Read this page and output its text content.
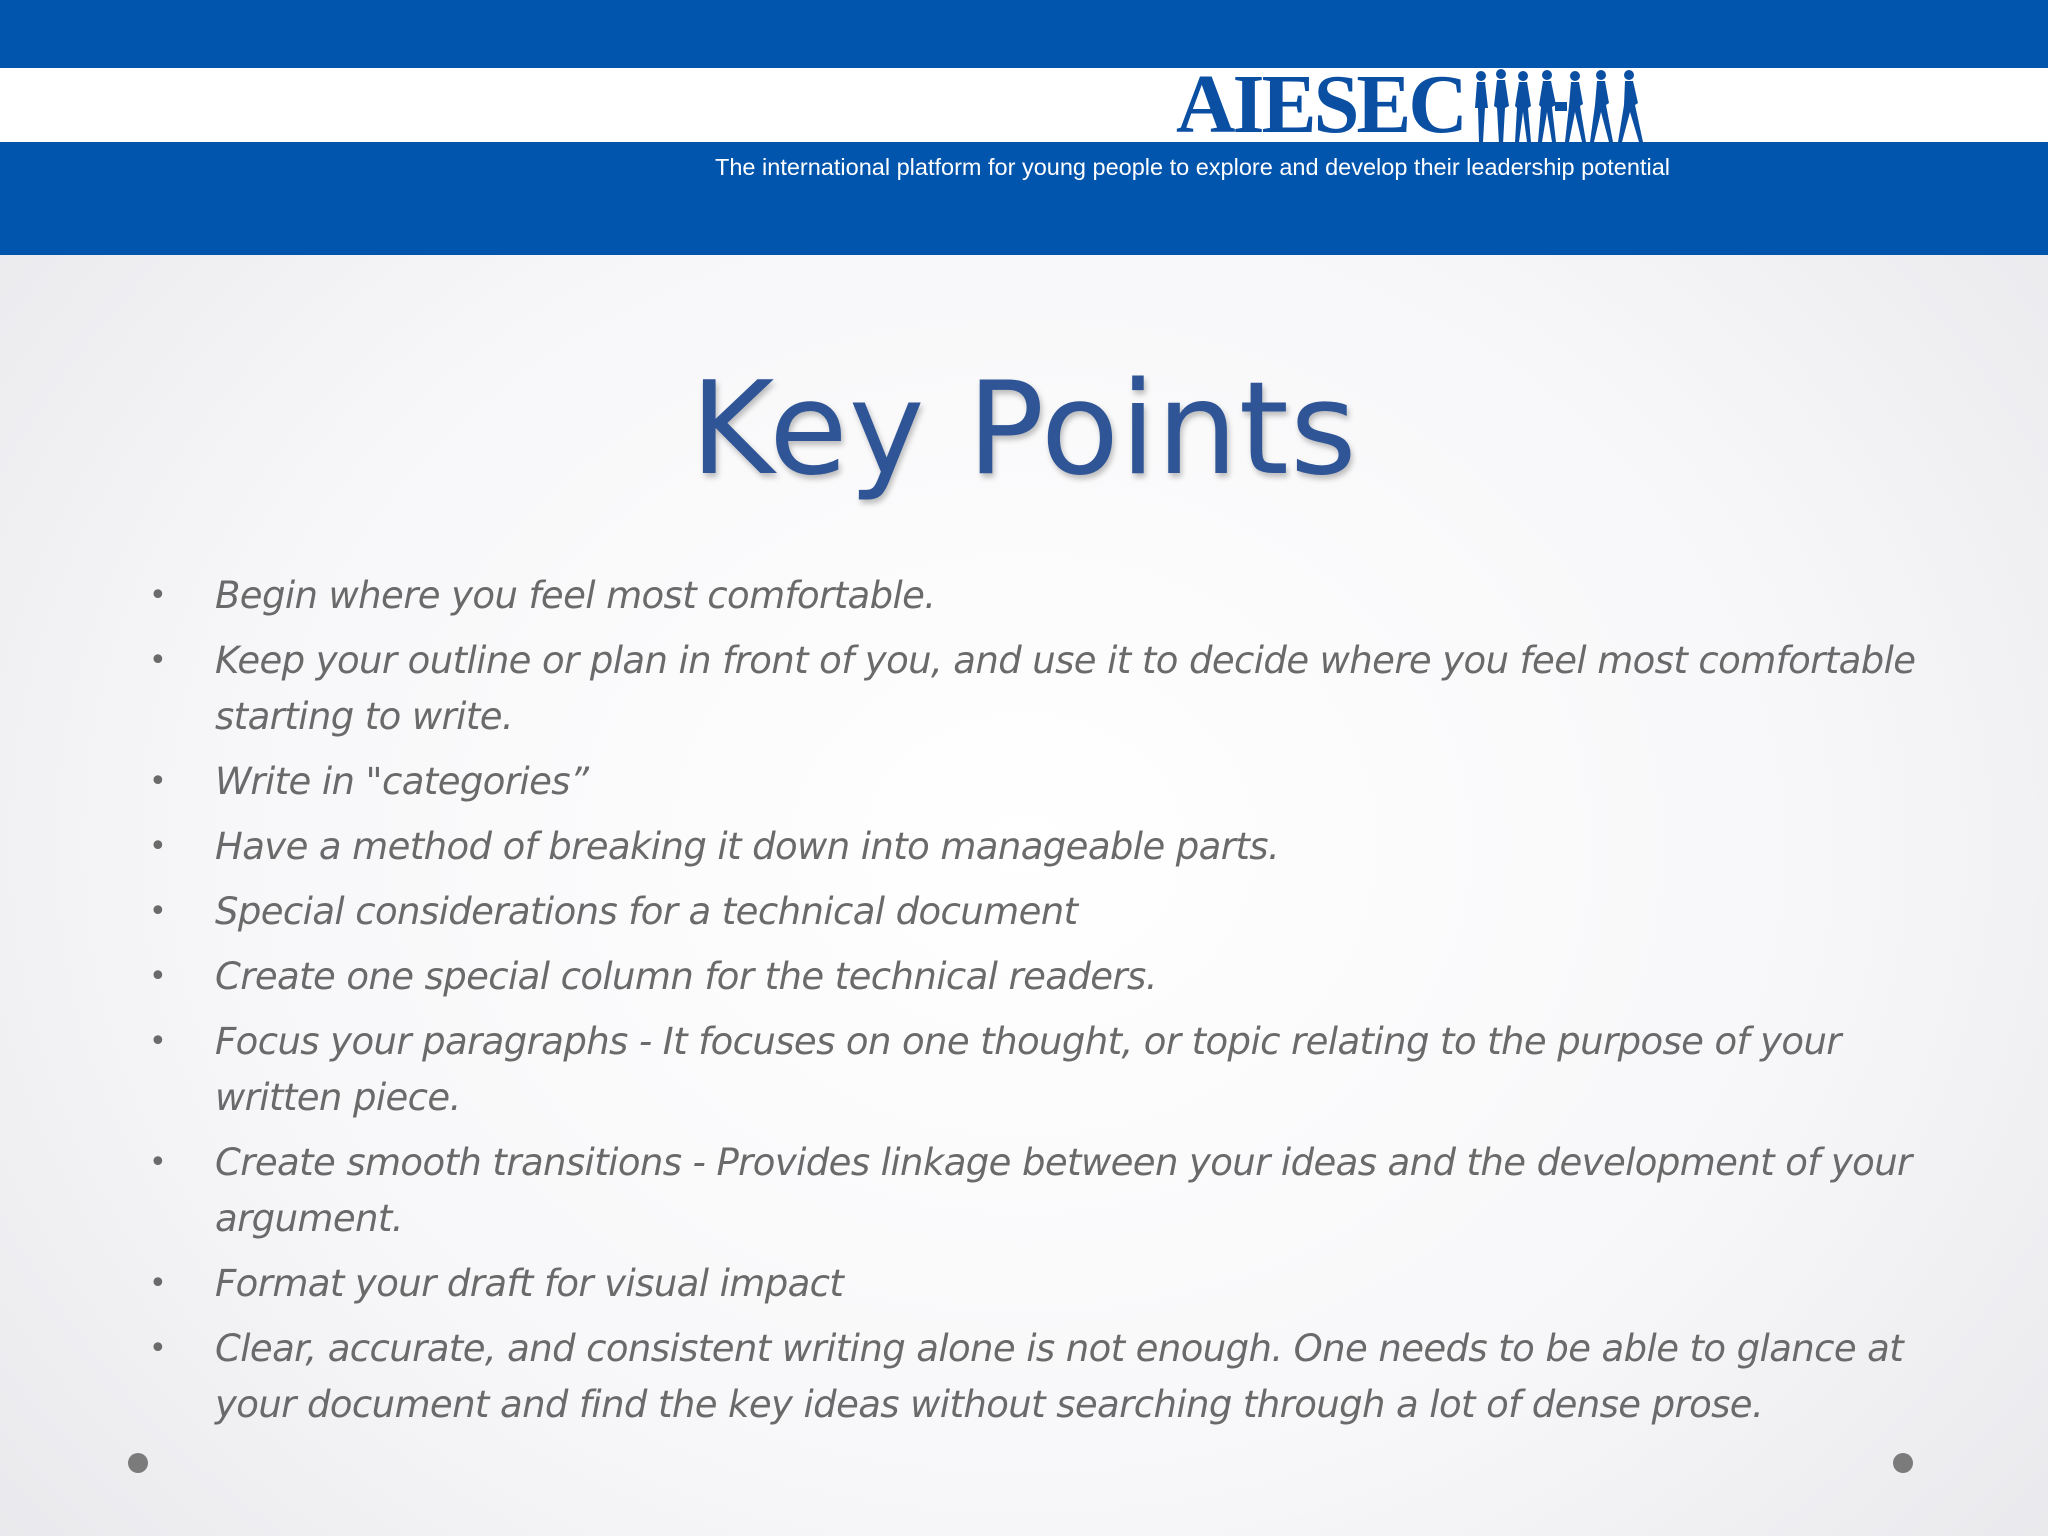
AIESEC
The international platform for young people to explore and develop their leadership potential
Key Points
• Begin where you feel most comfortable.
• Keep your outline or plan in front of you, and use it to decide where you feel most comfortable starting to write.
• Write in "categories”
• Have a method of breaking it down into manageable parts.
• Special considerations for a technical document
• Create one special column for the technical readers.
• Focus your paragraphs - It focuses on one thought, or topic relating to the purpose of your written piece.
• Create smooth transitions - Provides linkage between your ideas and the development of your argument.
• Format your draft for visual impact
• Clear, accurate, and consistent writing alone is not enough. One needs to be able to glance at your document and find the key ideas without searching through a lot of dense prose.
